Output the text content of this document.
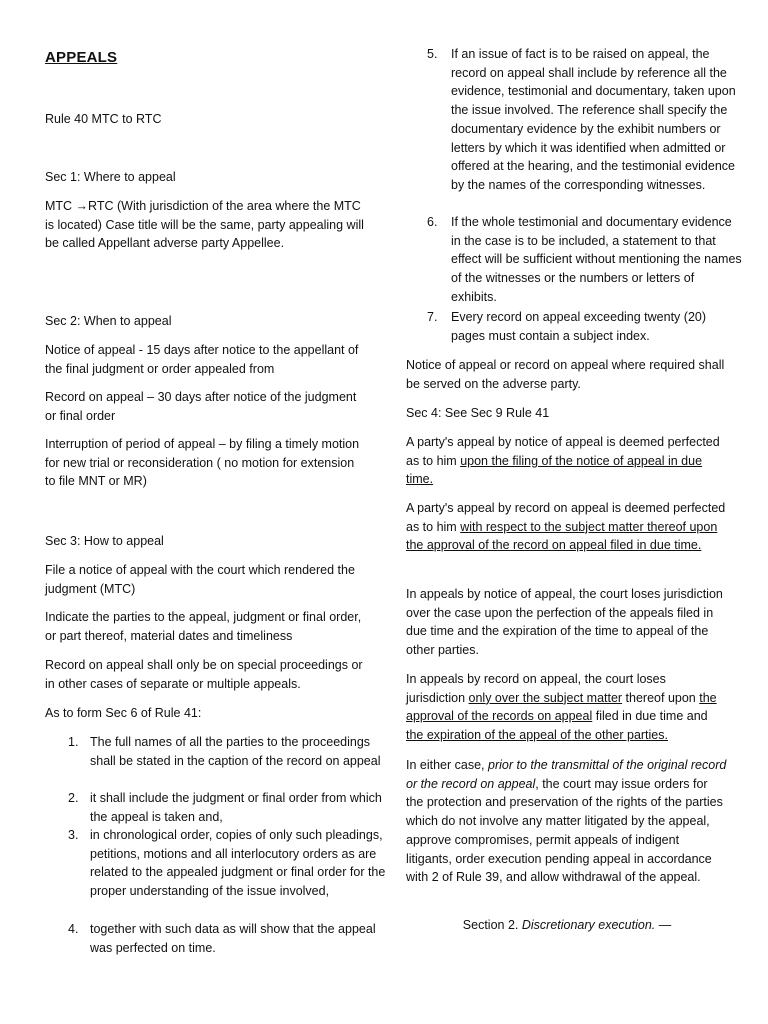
APPEALS

Rule 40 MTC to RTC

Sec 1: Where to appeal

MTC →RTC (With jurisdiction of the area where the MTC is located) Case title will be the same, party appealing will be called Appellant adverse party Appellee.

Sec 2: When to appeal

Notice of appeal - 15 days after notice to the appellant of the final judgment or order appealed from

Record on appeal – 30 days after notice of the judgment or final order

Interruption of period of appeal – by filing a timely motion for new trial or reconsideration ( no motion for extension to file MNT or MR)

Sec 3: How to appeal

File a notice of appeal with the court which rendered the judgment (MTC)

Indicate the parties to the appeal, judgment or final order, or part thereof, material dates and timeliness

Record on appeal shall only be on special proceedings or in other cases of separate or multiple appeals.

As to form Sec 6 of Rule 41:

1. The full names of all the parties to the proceedings shall be stated in the caption of the record on appeal
2. it shall include the judgment or final order from which the appeal is taken and,
3. in chronological order, copies of only such pleadings, petitions, motions and all interlocutory orders as are related to the appealed judgment or final order for the proper understanding of the issue involved,
4. together with such data as will show that the appeal was perfected on time.
5.	If an issue of fact is to be raised on appeal, the record on appeal shall include by reference all the evidence, testimonial and documentary, taken upon the issue involved. The reference shall specify the documentary evidence by the exhibit numbers or letters by which it was identified when admitted or offered at the hearing, and the testimonial evidence by the names of the corresponding witnesses.
6.	If the whole testimonial and documentary evidence in the case is to be included, a statement to that effect will be sufficient without mentioning the names of the witnesses or the numbers or letters of exhibits.
7.	Every record on appeal exceeding twenty (20) pages must contain a subject index.

Notice of appeal or record on appeal where required shall be served on the adverse party.

Sec 4: See Sec 9 Rule 41

A party's appeal by notice of appeal is deemed perfected as to him upon the filing of the notice of appeal in due time.

A party's appeal by record on appeal is deemed perfected as to him with respect to the subject matter thereof upon the approval of the record on appeal filed in due time.

In appeals by notice of appeal, the court loses jurisdiction over the case upon the perfection of the appeals filed in due time and the expiration of the time to appeal of the other parties.

In appeals by record on appeal, the court loses jurisdiction only over the subject matter thereof upon the approval of the records on appeal filed in due time and the expiration of the appeal of the other parties.

In either case, prior to the transmittal of the original record or the record on appeal, the court may issue orders for the protection and preservation of the rights of the parties which do not involve any matter litigated by the appeal, approve compromises, permit appeals of indigent litigants, order execution pending appeal in accordance with 2 of Rule 39, and allow withdrawal of the appeal.

Section 2. Discretionary execution. —
